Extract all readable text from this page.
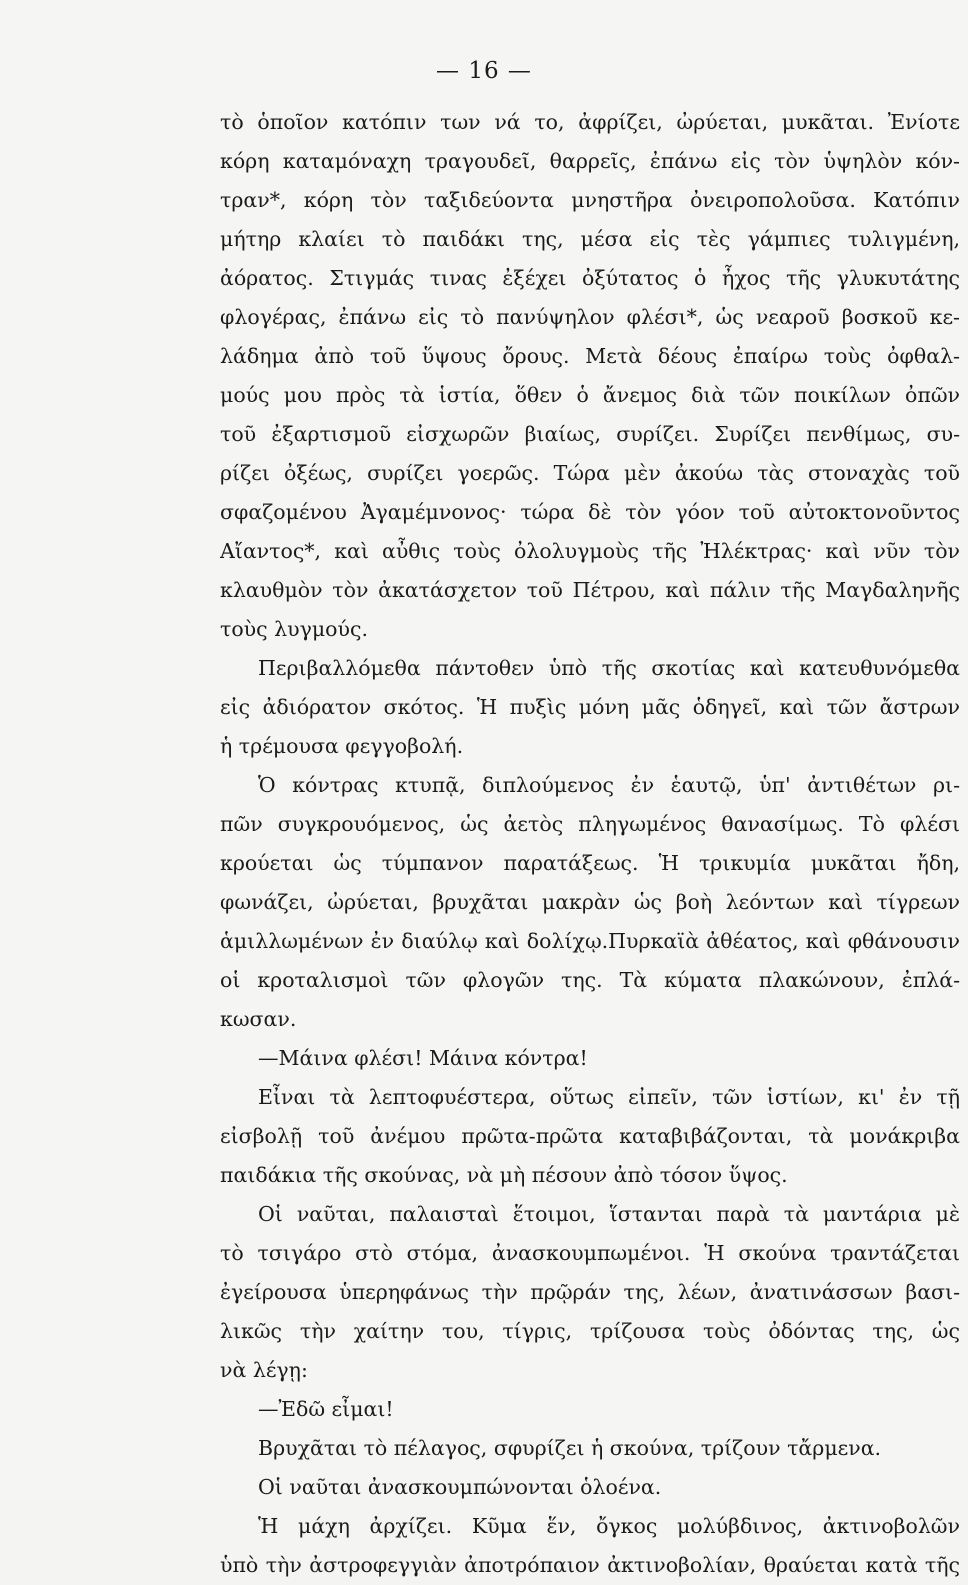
— 16 —
τὸ ὁποῖον κατόπιν των νά το, ἀφρίζει, ὠρύεται, μυκᾶται. Ἐνίοτε
κόρη καταμόναχη τραγουδεῖ, θαρρεῖς, ἐπάνω εἰς τὸν ὑψηλὸν κόν-
τραν*, κόρη τὸν ταξιδεύοντα μνηστῆρα ὀνειροπολοῦσα. Κατόπιν
μήτηρ κλαίει τὸ παιδάκι της, μέσα εἰς τὲς γάμπιες τυλιγμένη,
ἀόρατος. Στιγμάς τινας ἐξέχει ὀξύτατος ὁ ἦχος τῆς γλυκυτάτης
φλογέρας, ἐπάνω εἰς τὸ πανύψηλον φλέσι*, ὡς νεαροῦ βοσκοῦ κε-
λάδημα ἀπὸ τοῦ ὕψους ὄρους. Μετὰ δέους ἐπαίρω τοὺς ὀφθαλ-
μούς μου πρὸς τὰ ἱστία, ὅθεν ὁ ἄνεμος διὰ τῶν ποικίλων ὀπῶν
τοῦ ἐξαρτισμοῦ εἰσχωρῶν βιαίως, συρίζει. Συρίζει πενθίμως, συ-
ρίζει ὀξέως, συρίζει γοερῶς. Τώρα μὲν ἀκούω τὰς στοναχὰς τοῦ
σφαζομένου Ἀγαμέμνονος· τώρα δὲ τὸν γόον τοῦ αὐτοκτονοῦντος
Αἴαντος*, καὶ αὖθις τοὺς ὀλολυγμοὺς τῆς Ἠλέκτρας· καὶ νῦν τὸν
κλαυθμὸν τὸν ἀκατάσχετον τοῦ Πέτρου, καὶ πάλιν τῆς Μαγδαληνῆς
τοὺς λυγμούς.
Περιβαλλόμεθα πάντοθεν ὑπὸ τῆς σκοτίας καὶ κατευθυνόμεθα
εἰς ἀδιόρατον σκότος. Ἡ πυξὶς μόνη μᾶς ὁδηγεῖ, καὶ τῶν ἄστρων
ἡ τρέμουσα φεγγοβολή.
Ὁ κόντρας κτυπᾷ, διπλούμενος ἐν ἑαυτῷ, ὑπ' ἀντιθέτων ρι-
πῶν συγκρουόμενος, ὡς ἀετὸς πληγωμένος θανασίμως. Τὸ φλέσι
κρούεται ὡς τύμπανον παρατάξεως. Ἡ τρικυμία μυκᾶται ἤδη,
φωνάζει, ὠρύεται, βρυχᾶται μακρὰν ὡς βοὴ λεόντων καὶ τίγρεων
ἁμιλλωμένων ἐν διαύλῳ καὶ δολίχῳ.Πυρκαϊὰ ἀθέατος, καὶ φθάνουσιν
οἱ κροταλισμοὶ τῶν φλογῶν της. Τὰ κύματα πλακώνουν, ἐπλά-
κωσαν.
—Μάινα φλέσι! Μάινα κόντρα!
Εἶναι τὰ λεπτοφυέστερα, οὕτως εἰπεῖν, τῶν ἱστίων, κι' ἐν τῇ
εἰσβολῇ τοῦ ἀνέμου πρῶτα-πρῶτα καταβιβάζονται, τὰ μονάκριβα
παιδάκια τῆς σκούνας, νὰ μὴ πέσουν ἀπὸ τόσον ὕψος.
Οἱ ναῦται, παλαισταὶ ἕτοιμοι, ἵστανται παρὰ τὰ μαντάρια μὲ
τὸ τσιγάρο στὸ στόμα, ἀνασκουμπωμένοι. Ἡ σκούνα τραντάζεται
ἐγείρουσα ὑπερηφάνως τὴν πρῷράν της, λέων, ἀνατινάσσων βασι-
λικῶς τὴν χαίτην του, τίγρις, τρίζουσα τοὺς ὀδόντας της, ὡς
νὰ λέγῃ:
—Ἐδῶ εἶμαι!
Βρυχᾶται τὸ πέλαγος, σφυρίζει ἡ σκούνα, τρίζουν τἄρμενα.
Οἱ ναῦται ἀνασκουμπώνονται ὁλοένα.
Ἡ μάχη ἀρχίζει. Κῦμα ἕν, ὄγκος μολύβδινος, ἀκτινοβολῶν
ὑπὸ τὴν ἀστροφεγγιὰν ἀποτρόπαιον ἀκτινοβολίαν, θραύεται κατὰ τῆς
